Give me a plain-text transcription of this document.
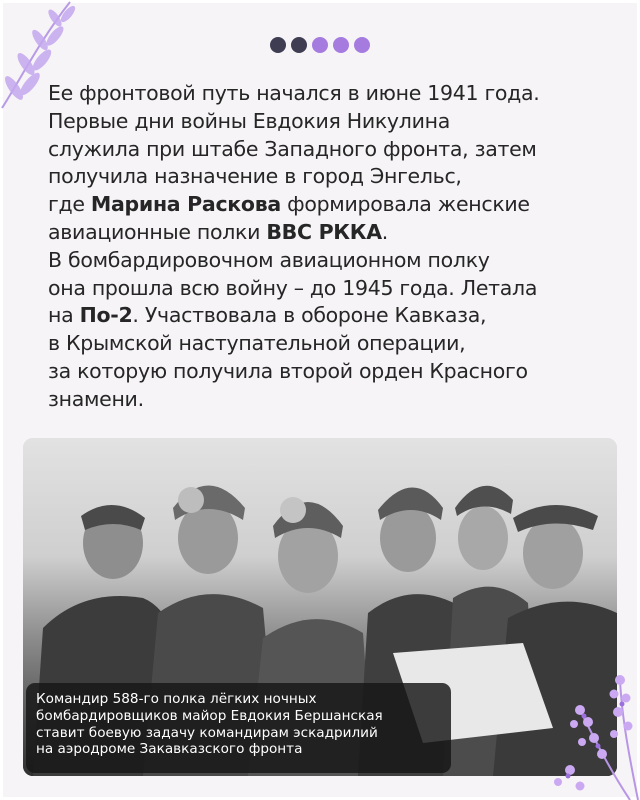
Ее фронтовой путь начался в июне 1941 года.
Первые дни войны Евдокия Никулина
служила при штабе Западного фронта, затем
получила назначение в город Энгельс,
где Марина Раскова формировала женские
авиационные полки ВВС РККА.
В бомбардировочном авиационном полку
она прошла всю войну – до 1945 года. Летала
на По-2. Участвовала в обороне Кавказа,
в Крымской наступательной операции,
за которую получила второй орден Красного
знамени.
Командир 588-го полка лёгких ночных
бомбардировщиков майор Евдокия Бершанская
ставит боевую задачу командирам эскадрилий
на аэродроме Закавказского фронта
